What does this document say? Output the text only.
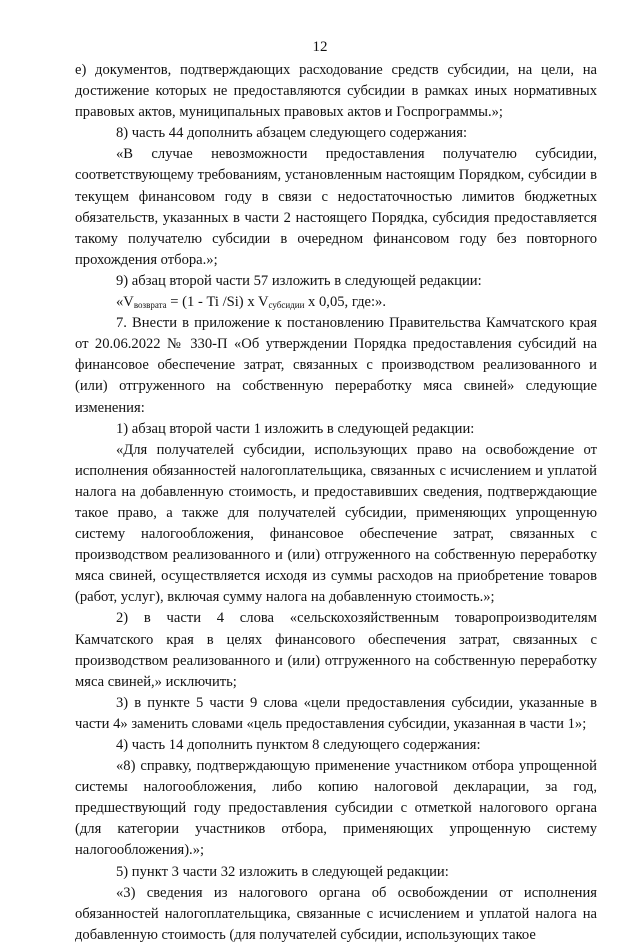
12

е) документов, подтверждающих расходование средств субсидии, на цели, на достижение которых не предоставляются субсидии в рамках иных нормативных правовых актов, муниципальных правовых актов и Госпрограммы.»;

8) часть 44 дополнить абзацем следующего содержания:

«В случае невозможности предоставления получателю субсидии, соответствующему требованиям, установленным настоящим Порядком, субсидии в текущем финансовом году в связи с недостаточностью лимитов бюджетных обязательств, указанных в части 2 настоящего Порядка, субсидия предоставляется такому получателю субсидии в очередном финансовом году без повторного прохождения отбора.»;

9) абзац второй части 57 изложить в следующей редакции:

«$V_{возврата} = (1 - Ti$ /Si) x $V_{субсидии}$ x 0,05, где:».

7. Внести в приложение к постановлению Правительства Камчатского края от 20.06.2022 № 330-П «Об утверждении Порядка предоставления субсидий на финансовое обеспечение затрат, связанных с производством реализованного и (или) отгруженного на собственную переработку мяса свиней» следующие изменения:

1) абзац второй части 1 изложить в следующей редакции:

«Для получателей субсидии, использующих право на освобождение от исполнения обязанностей налогоплательщика, связанных с исчислением и уплатой налога на добавленную стоимость, и предоставивших сведения, подтверждающие такое право, а также для получателей субсидии, применяющих упрощенную систему налогообложения, финансовое обеспечение затрат, связанных с производством реализованного и (или) отгруженного на собственную переработку мяса свиней, осуществляется исходя из суммы расходов на приобретение товаров (работ, услуг), включая сумму налога на добавленную стоимость.»;

2) в части 4 слова «сельскохозяйственным товаропроизводителям Камчатского края в целях финансового обеспечения затрат, связанных с производством реализованного и (или) отгруженного на собственную переработку мяса свиней,» исключить;

3) в пункте 5 части 9 слова «цели предоставления субсидии, указанные в части 4» заменить словами «цель предоставления субсидии, указанная в части 1»;

4) часть 14 дополнить пунктом 8 следующего содержания:

«8) справку, подтверждающую применение участником отбора упрощенной системы налогообложения, либо копию налоговой декларации, за год, предшествующий году предоставления субсидии с отметкой налогового органа (для категории участников отбора, применяющих упрощенную систему налогообложения).»;

5) пункт 3 части 32 изложить в следующей редакции:

«3) сведения из налогового органа об освобождении от исполнения обязанностей налогоплательщика, связанные с исчислением и уплатой налога на добавленную стоимость (для получателей субсидии, использующих такое
